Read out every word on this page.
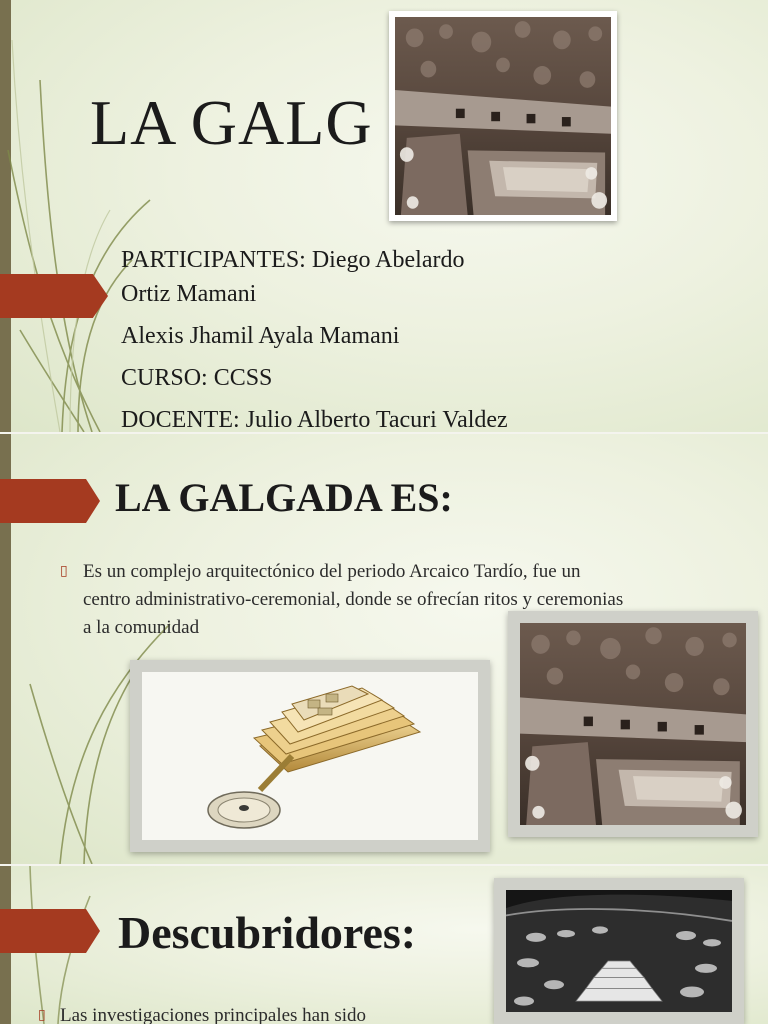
LA GALG

PARTICIPANTES: Diego Abelardo
Ortiz Mamani

Alexis Jhamil Ayala Mamani

CURSO: CCSS

DOCENTE: Julio Alberto Tacuri Valdez

LA GALGADA ES:
▯ Es un complejo arquitectónico del periodo Arcaico Tardío, fue un centro administrativo-ceremonial, donde se ofrecían ritos y ceremonias a la comunidad
Descubridores:
▯ Las investigaciones principales han sido
